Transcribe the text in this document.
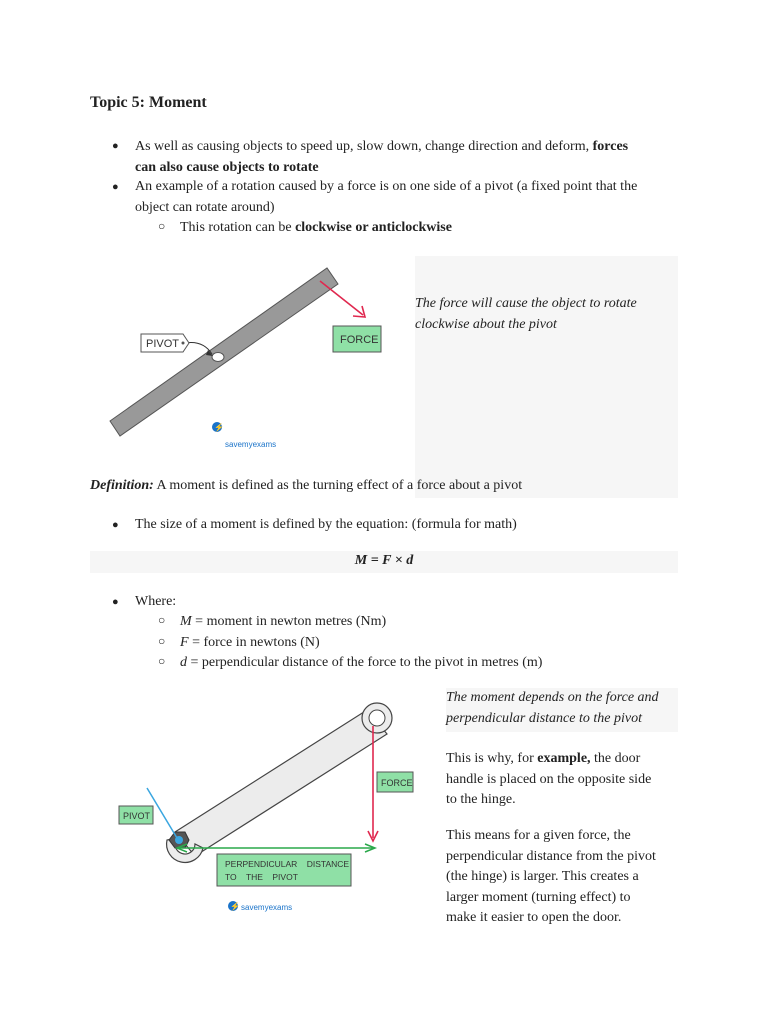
Topic 5: Moment
●	As well as causing objects to speed up, slow down, change direction and deform, forces
can also cause objects to rotate
●	An example of a rotation caused by a force is on one side of a pivot (a fixed point that the
object can rotate around)
○	This rotation can be clockwise or anticlockwise
PIVOT	FORCE
⚡
savemyexams
The force will cause the object to rotate
clockwise about the pivot
Definition: A moment is defined as the turning effect of a force about a pivot
●	The size of a moment is defined by the equation: (formula for math)
M = F × d
●	Where:
○	M = moment in newton metres (Nm)
○	F = force in newtons (N)
○	d = perpendicular distance of the force to the pivot in metres (m)
PIVOT
FORCE
PERPENDICULAR    DISTANCE
TO    THE    PIVOT
⚡ savemyexams
The moment depends on the force and
perpendicular distance to the pivot
This is why, for example, the door
handle is placed on the opposite side
to the hinge.
This means for a given force, the
perpendicular distance from the pivot
(the hinge) is larger. This creates a
larger moment (turning effect) to
make it easier to open the door.
